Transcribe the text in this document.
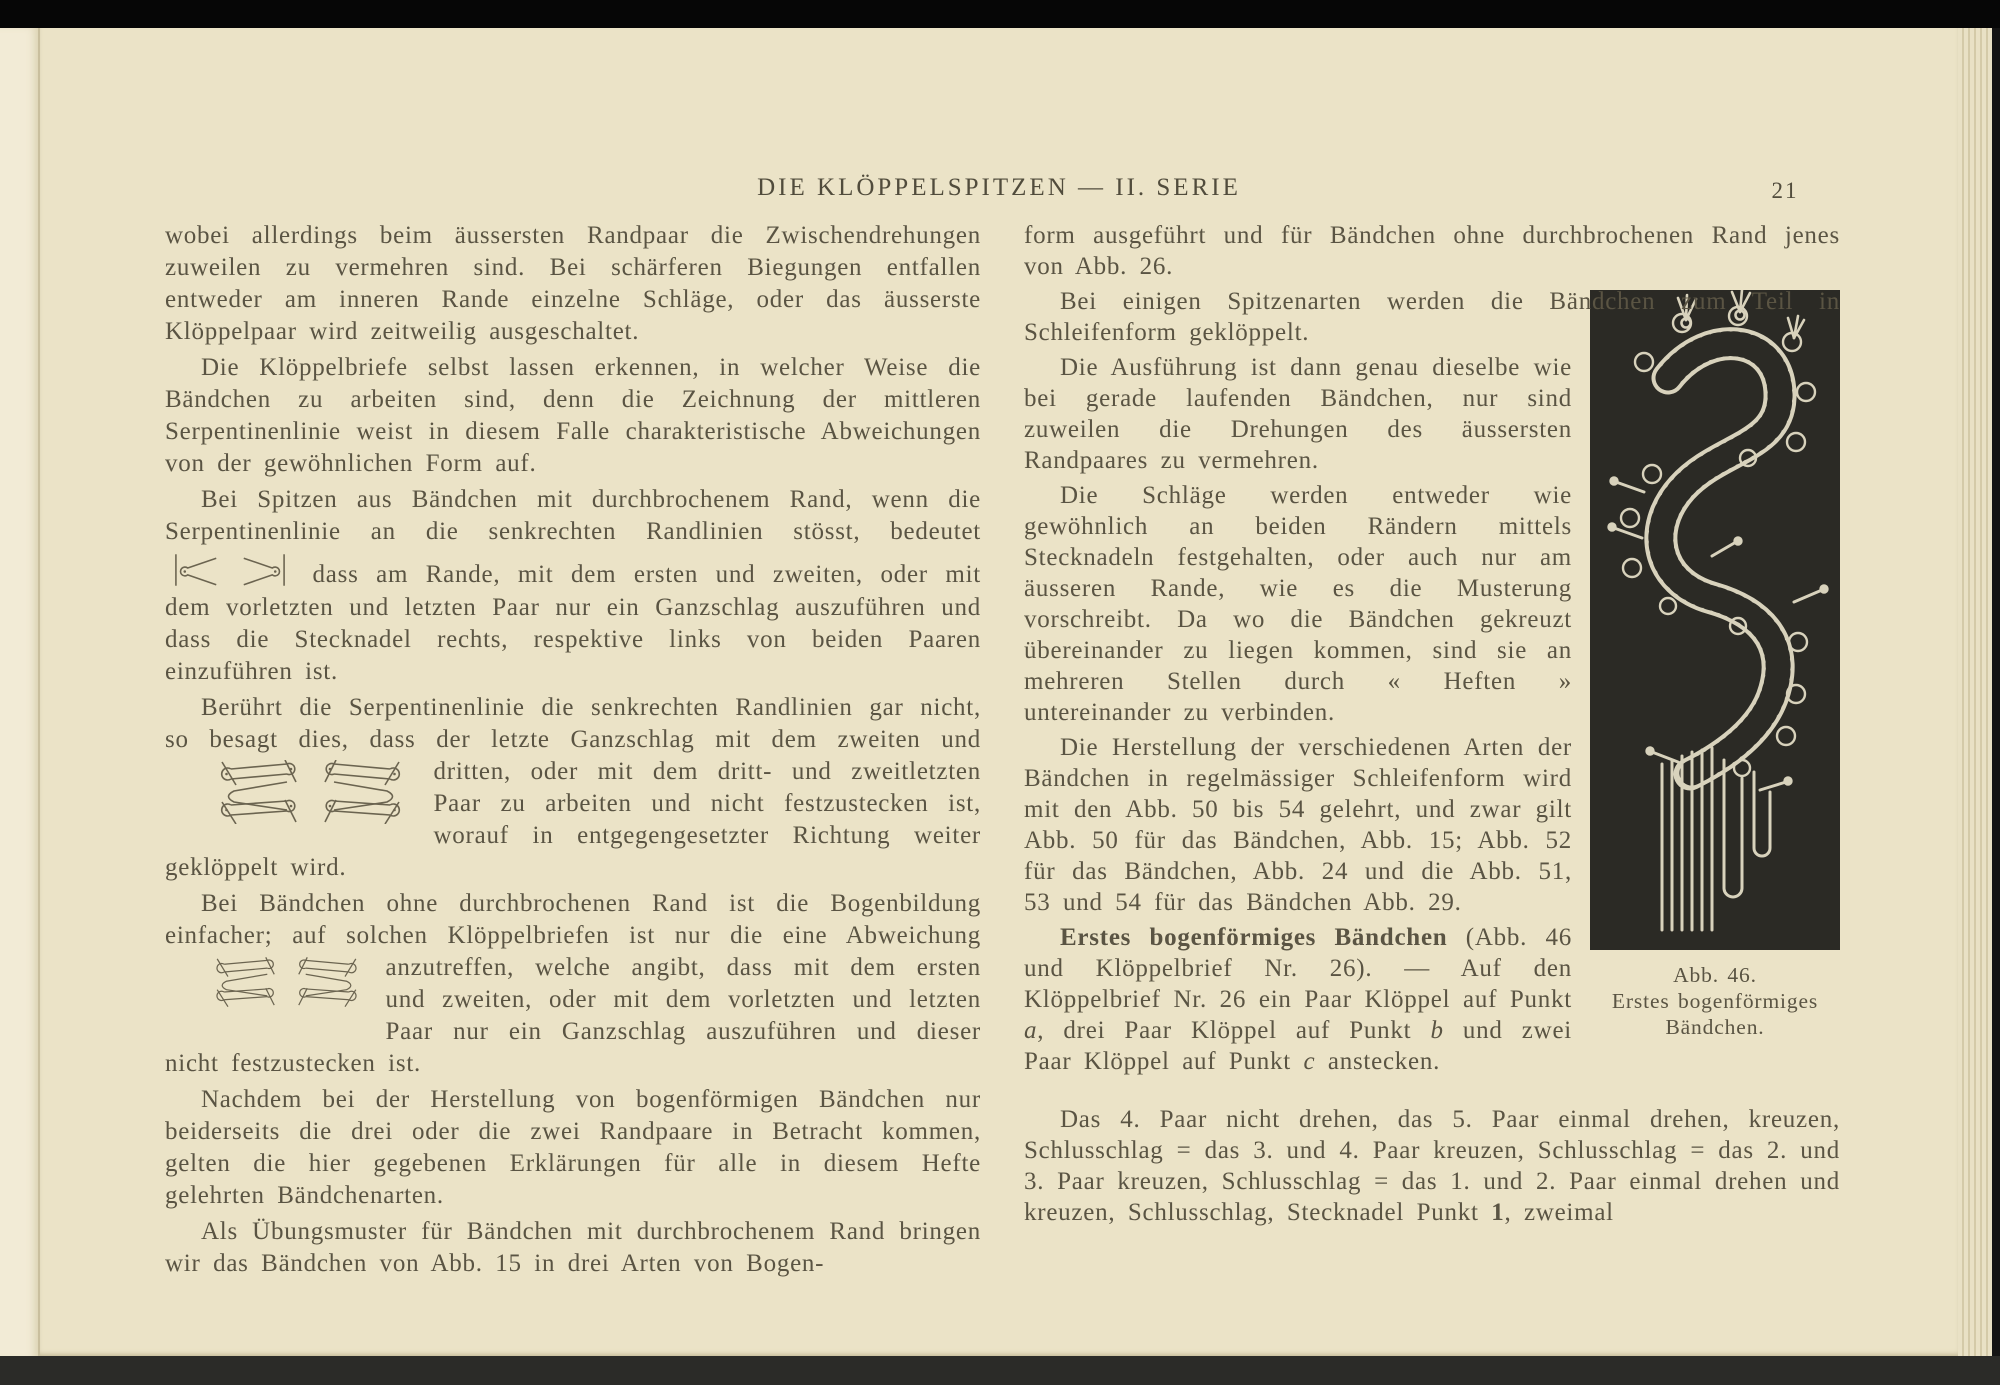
DIE KLÖPPELSPITZEN — II. SERIE	21

wobei allerdings beim äussersten Randpaar die Zwischendrehungen zuweilen zu vermehren sind. Bei schärferen Biegungen entfallen entweder am inneren Rande einzelne Schläge, oder das äusserste Klöppelpaar wird zeitweilig ausgeschaltet.

Die Klöppelbriefe selbst lassen erkennen, in welcher Weise die Bändchen zu arbeiten sind, denn die Zeichnung der mittleren Serpentinenlinie weist in diesem Falle charakteristische Abweichungen von der gewöhnlichen Form auf.

Bei Spitzen aus Bändchen mit durchbrochenem Rand, wenn die Serpentinenlinie an die senkrechten Randlinien stösst, bedeutet  dass am Rande, mit dem ersten und zweiten, oder mit dem vorletzten und letzten Paar nur ein Ganzschlag auszuführen und dass die Stecknadel rechts, respektive links von beiden Paaren einzuführen ist.

Berührt die Serpentinenlinie die senkrechten Randlinien gar nicht, so besagt dies, dass der letzte Ganzschlag mit dem zweiten
und dritten, oder mit dem dritt- und zweitletzten Paar zu arbeiten und nicht festzustecken ist, worauf in entgegengesetzter Richtung weiter geklöppelt wird.

Bei Bändchen ohne durchbrochenen Rand ist die Bogenbildung einfacher; auf solchen Klöppelbriefen ist nur die eine Abweichung

anzutreffen, welche angibt, dass mit dem ersten und zweiten, oder mit dem vorletzten und letzten Paar nur ein Ganzschlag auszuführen und dieser nicht festzustecken ist.

Nachdem bei der Herstellung von bogenförmigen Bändchen nur beiderseits die drei oder die zwei Randpaare in Betracht kommen, gelten die hier gegebenen Erklärungen für alle in diesem Hefte gelehrten Bändchenarten.

Als Übungsmuster für Bändchen mit durchbrochenem Rand bringen wir das Bändchen von Abb. 15 in drei Arten von Bogen-

form ausgeführt und für Bändchen ohne durchbrochenen Rand jenes von Abb. 26.

Bei einigen Spitzenarten werden die Bändchen zum Teil in Schleifenform geklöppelt.

Abb. 46.
Erstes bogenförmiges
Bändchen.
Die Ausführung ist dann genau dieselbe wie bei gerade laufenden Bändchen, nur sind zuweilen die Drehungen des äussersten Randpaares zu vermehren.

Die Schläge werden entweder wie gewöhnlich an beiden Rändern mittels Stecknadeln festgehalten, oder auch nur am äusseren Rande, wie es die Musterung vorschreibt. Da wo die Bändchen gekreuzt übereinander zu liegen kommen, sind sie an mehreren Stellen durch « Heften » untereinander zu verbinden.

Die Herstellung der verschiedenen Arten der Bändchen in regelmässiger Schleifenform wird mit den Abb. 50 bis 54 gelehrt, und zwar gilt Abb. 50 für das Bändchen, Abb. 15; Abb. 52 für das Bändchen, Abb. 24 und die Abb. 51, 53 und 54 für das Bändchen Abb. 29.

Erstes bogenförmiges Bändchen (Abb. 46 und Klöppelbrief Nr. 26). — Auf den Klöppelbrief Nr. 26 ein Paar Klöppel auf Punkt a, drei Paar Klöppel auf Punkt b und zwei Paar Klöppel auf Punkt c anstecken.

Das 4. Paar nicht drehen, das 5. Paar einmal drehen, kreuzen, Schlusschlag = das 3. und 4. Paar kreuzen, Schlusschlag = das 2. und 3. Paar kreuzen, Schlusschlag = das 1. und 2. Paar einmal drehen und kreuzen, Schlusschlag, Stecknadel Punkt 1, zweimal
